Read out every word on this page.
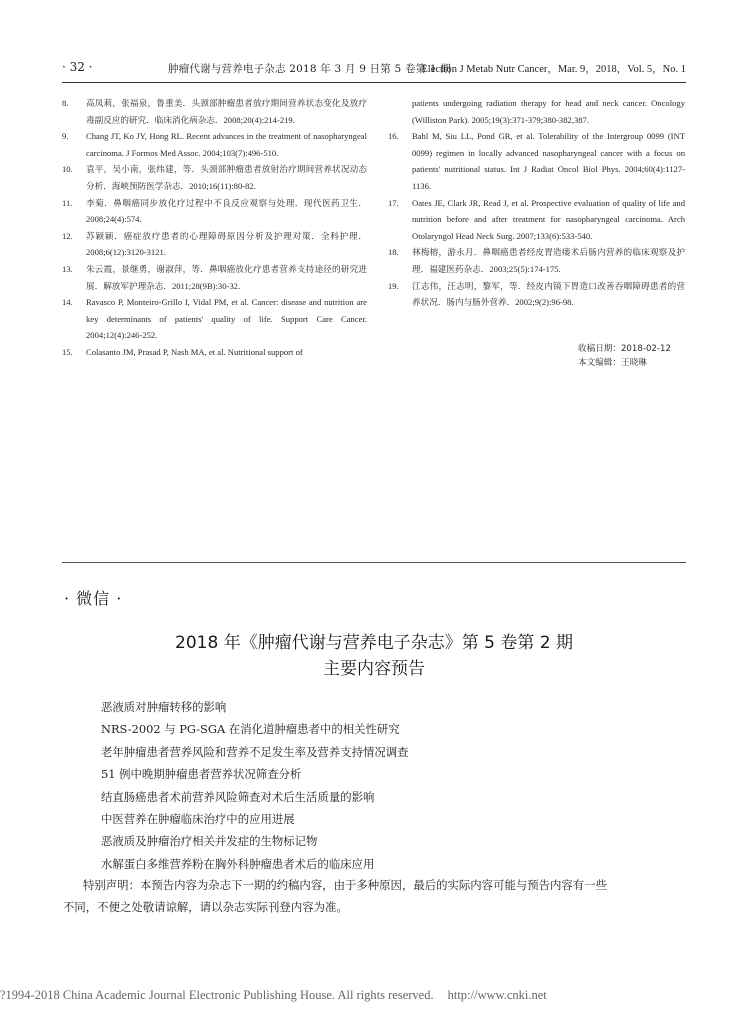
· 32 ·	肿瘤代谢与营养电子杂志 2018 年 3 月 9 日第 5 卷第 1 期
Electron J Metab Nutr Cancer，Mar. 9，2018，Vol. 5，No. 1
8. 高凤莉，张福泉，鲁重美．头颈部肿瘤患者放疗期间营养状态变化及放疗毒副反应的研究．临床消化病杂志．2008;20(4):214-219.
9. Chang JT, Ko JY, Hong RL. Recent advances in the treatment of nasopharyngeal carcinoma. J Formos Med Assoc. 2004;103(7):496-510.
10. 袁平，吴小南，张纬建，等．头颈部肿瘤患者放射治疗期间营养状况动态分析．海峡预防医学杂志．2010;16(11):80-82.
11. 李菊．鼻咽癌同步放化疗过程中不良反应观察与处理．现代医药卫生．2008;24(4):574.
12. 苏颖颖．癌症放疗患者的心理障碍原因分析及护理对策．全科护理．2008;6(12):3120-3121.
13. 朱云霞，景继勇，谢淑萍，等．鼻咽癌放化疗患者营养支持途径的研究进展．解放军护理杂志．2011;28(9B):30-32.
14. Ravasco P, Monteiro-Grillo I, Vidal PM, et al. Cancer: disease and nutrition are key determinants of patients' quality of life. Support Care Cancer. 2004;12(4):246-252.
15. Colasanto JM, Prasad P, Nash MA, et al. Nutritional support of
patients undergoing radiation therapy for head and neck cancer. Oncology (Williston Park). 2005;19(3):371-379;380-382,387.
16. Bahl M, Siu LL, Pond GR, et al. Tolerability of the Intergroup 0099 (INT 0099) regimen in locally advanced nasopharyngeal cancer with a focus on patients' nutritional status. Int J Radiat Oncol Biol Phys. 2004;60(4):1127-1136.
17. Oates JE, Clark JR, Read J, et al. Prospective evaluation of quality of life and nutrition before and after treatment for nasopharyngeal carcinoma. Arch Otolaryngol Head Neck Surg. 2007;133(6):533-540.
18. 林梅榕，游永月．鼻咽癌患者经皮胃造瘘术后肠内营养的临床观察及护理．福建医药杂志．2003;25(5):174-175.
19. 江志伟，汪志明，黎军，等．经皮内镜下胃造口改善吞咽障碍患者的营养状况．肠内与肠外营养．2002;9(2):96-98.
收稿日期：2018-02-12
本文编辑：王晓琳
· 微信 ·
2018 年《肿瘤代谢与营养电子杂志》第 5 卷第 2 期
主要内容预告
恶液质对肿瘤转移的影响
NRS-2002 与 PG-SGA 在消化道肿瘤患者中的相关性研究
老年肿瘤患者营养风险和营养不足发生率及营养支持情况调查
51 例中晚期肿瘤患者营养状况筛查分析
结直肠癌患者术前营养风险筛查对术后生活质量的影响
中医营养在肿瘤临床治疗中的应用进展
恶液质及肿瘤治疗相关并发症的生物标记物
水解蛋白多维营养粉在胸外科肿瘤患者术后的临床应用
特别声明：本预告内容为杂志下一期的约稿内容，由于多种原因，最后的实际内容可能与预告内容有一些
不同，不便之处敬请谅解，请以杂志实际刊登内容为准。
?1994-2018 China Academic Journal Electronic Publishing House. All rights reserved. http://www.cnki.net
